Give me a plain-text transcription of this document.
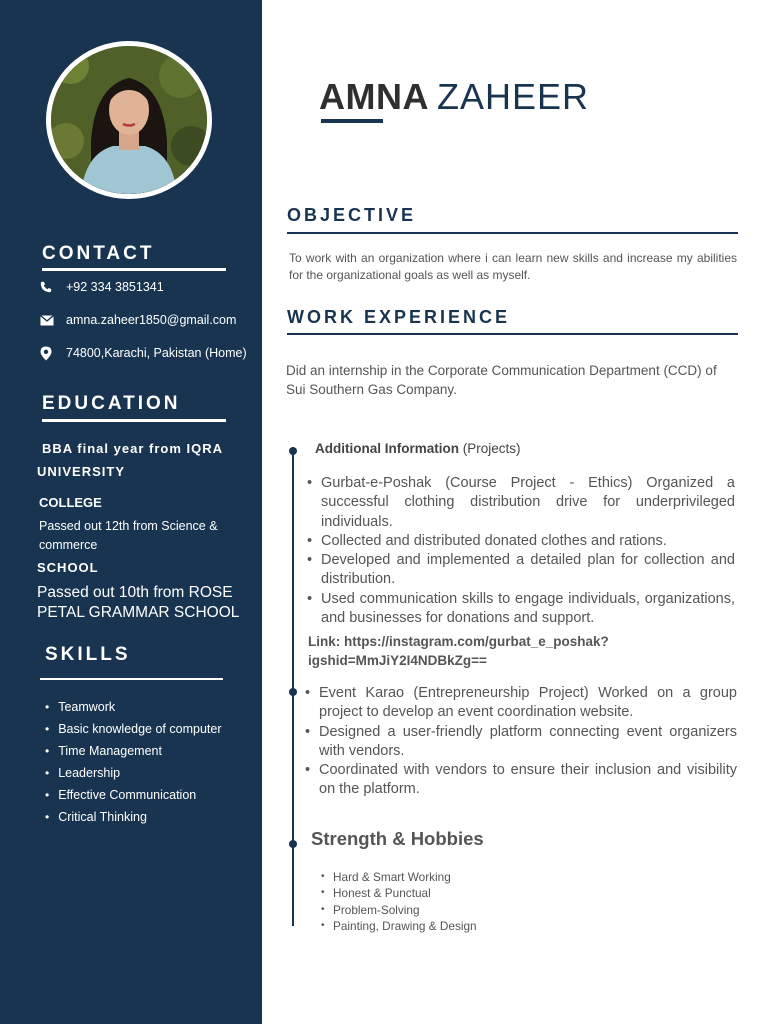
CONTACT
+92 334 3851341
amna.zaheer1850@gmail.com
74800,Karachi, Pakistan (Home)
EDUCATION
BBA final year from IQRA
UNIVERSITY
COLLEGE
Passed out 12th from Science & commerce
SCHOOL
Passed out 10th from ROSE PETAL GRAMMAR SCHOOL
SKILLS
• Teamwork
• Basic knowledge of computer
• Time Management
• Leadership
• Effective Communication
• Critical Thinking
AMNA ZAHEER
OBJECTIVE
To work with an organization where i can learn new skills and increase my abilities for the organizational goals as well as myself.
WORK EXPERIENCE
Did an internship in the Corporate Communication Department (CCD) of Sui Southern Gas Company.
Additional Information (Projects)
• Gurbat-e-Poshak (Course Project - Ethics) Organized a successful clothing distribution drive for underprivileged individuals.
• Collected and distributed donated clothes and rations.
• Developed and implemented a detailed plan for collection and distribution.
• Used communication skills to engage individuals, organizations, and businesses for donations and support.
Link: https://instagram.com/gurbat_e_poshak?igshid=MmJiY2I4NDBkZg==
• Event Karao (Entrepreneurship Project) Worked on a group project to develop an event coordination website.
• Designed a user-friendly platform connecting event organizers with vendors.
• Coordinated with vendors to ensure their inclusion and visibility on the platform.
Strength & Hobbies
• Hard & Smart Working
• Honest & Punctual
• Problem-Solving
• Painting, Drawing & Design
